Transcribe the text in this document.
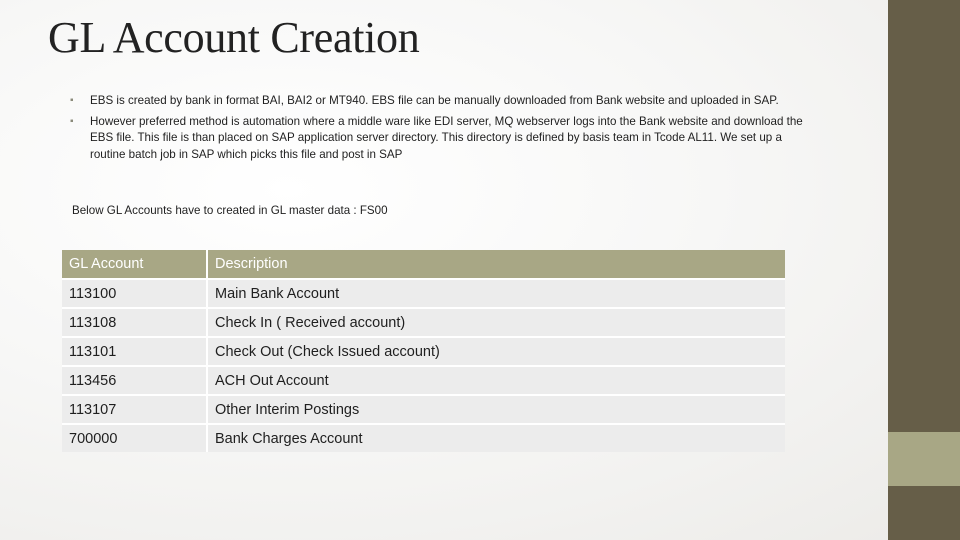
GL Account Creation
▪ EBS is created by bank in format BAI, BAI2 or MT940. EBS file can be manually downloaded from Bank website and uploaded in SAP.
▪ However preferred method is automation where a middle ware like EDI server, MQ webserver logs into the Bank website and download the EBS file. This file is than placed on SAP application server directory. This directory is defined by basis team in Tcode AL11. We set up a routine batch job in SAP which picks this file and post in SAP

Below GL Accounts have to created in GL master data : FS00

GL Account	Description
113100	Main Bank Account
113108	Check In ( Received account)
113101	Check Out (Check Issued account)
113456	ACH Out Account
113107	Other Interim Postings
700000	Bank Charges Account
